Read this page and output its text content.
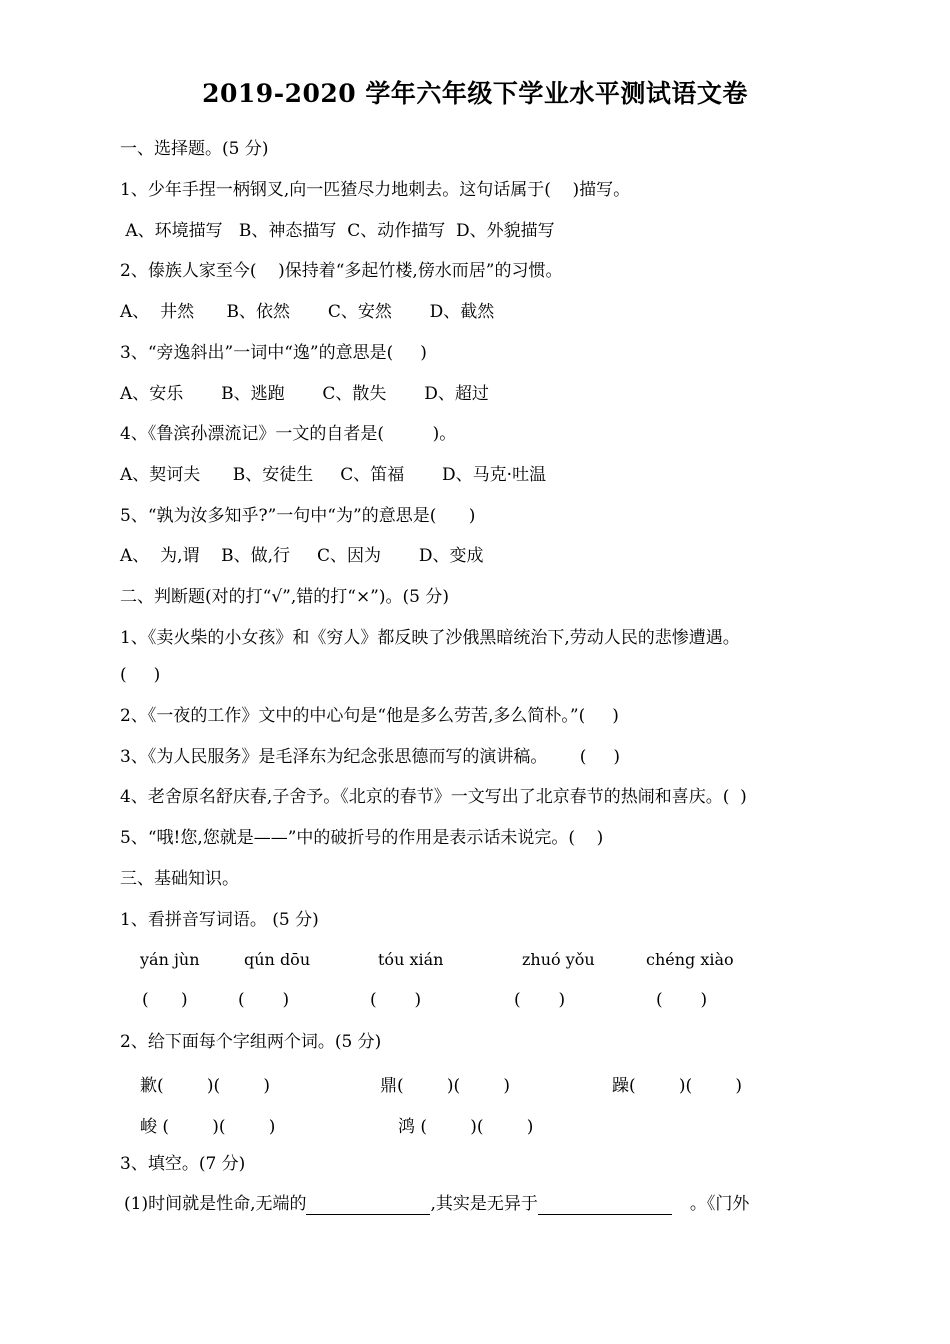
2019-2020 学年六年级下学业水平测试语文卷
一、选择题。(5 分)
1、少年手捏一柄钢叉,向一匹猹尽力地刺去。这句话属于(    )描写。
A、环境描写   B、神态描写  C、动作描写  D、外貌描写
2、傣族人家至今(    )保持着“多起竹楼,傍水而居”的习惯。
A、  井然      B、依然       C、安然       D、截然
3、“旁逸斜出”一词中“逸”的意思是(     )
A、安乐       B、逃跑       C、散失       D、超过
4、《鲁滨孙漂流记》一文的自者是(         )。
A、契诃夫      B、安徒生     C、笛福       D、马克·吐温
5、“孰为汝多知乎?”一句中“为”的意思是(      )
A、  为,谓    B、做,行     C、因为       D、变成
二、判断题(对的打“√”,错的打“×”)。(5 分)
1、《卖火柴的小女孩》和《穷人》都反映了沙俄黑暗统治下,劳动人民的悲惨遭遇。
(     )
2、《一夜的工作》文中的中心句是“他是多么劳苦,多么简朴。”(     )
3、《为人民服务》是毛泽东为纪念张思德而写的演讲稿。      (     )
4、老舍原名舒庆春,子舍予。《北京的春节》一文写出了北京春节的热闹和喜庆。(  )
5、“哦!您,您就是——”中的破折号的作用是表示话未说完。(    )
三、基础知识。
1、看拼音写词语。 (5 分)
yán jùn	qún dōu	tóu xián	zhuó yǒu	chéng xiào
(      )	(       )	(       )	(       )	(       )
2、给下面每个字组两个词。(5 分)
歉(        )(        )	鼎(        )(        )	躁(        )(        )
峻 (        )(        )	鸿 (        )(        )
3、填空。(7 分)
(1)时间就是性命,无端的	,其实是无异于	。《门外
